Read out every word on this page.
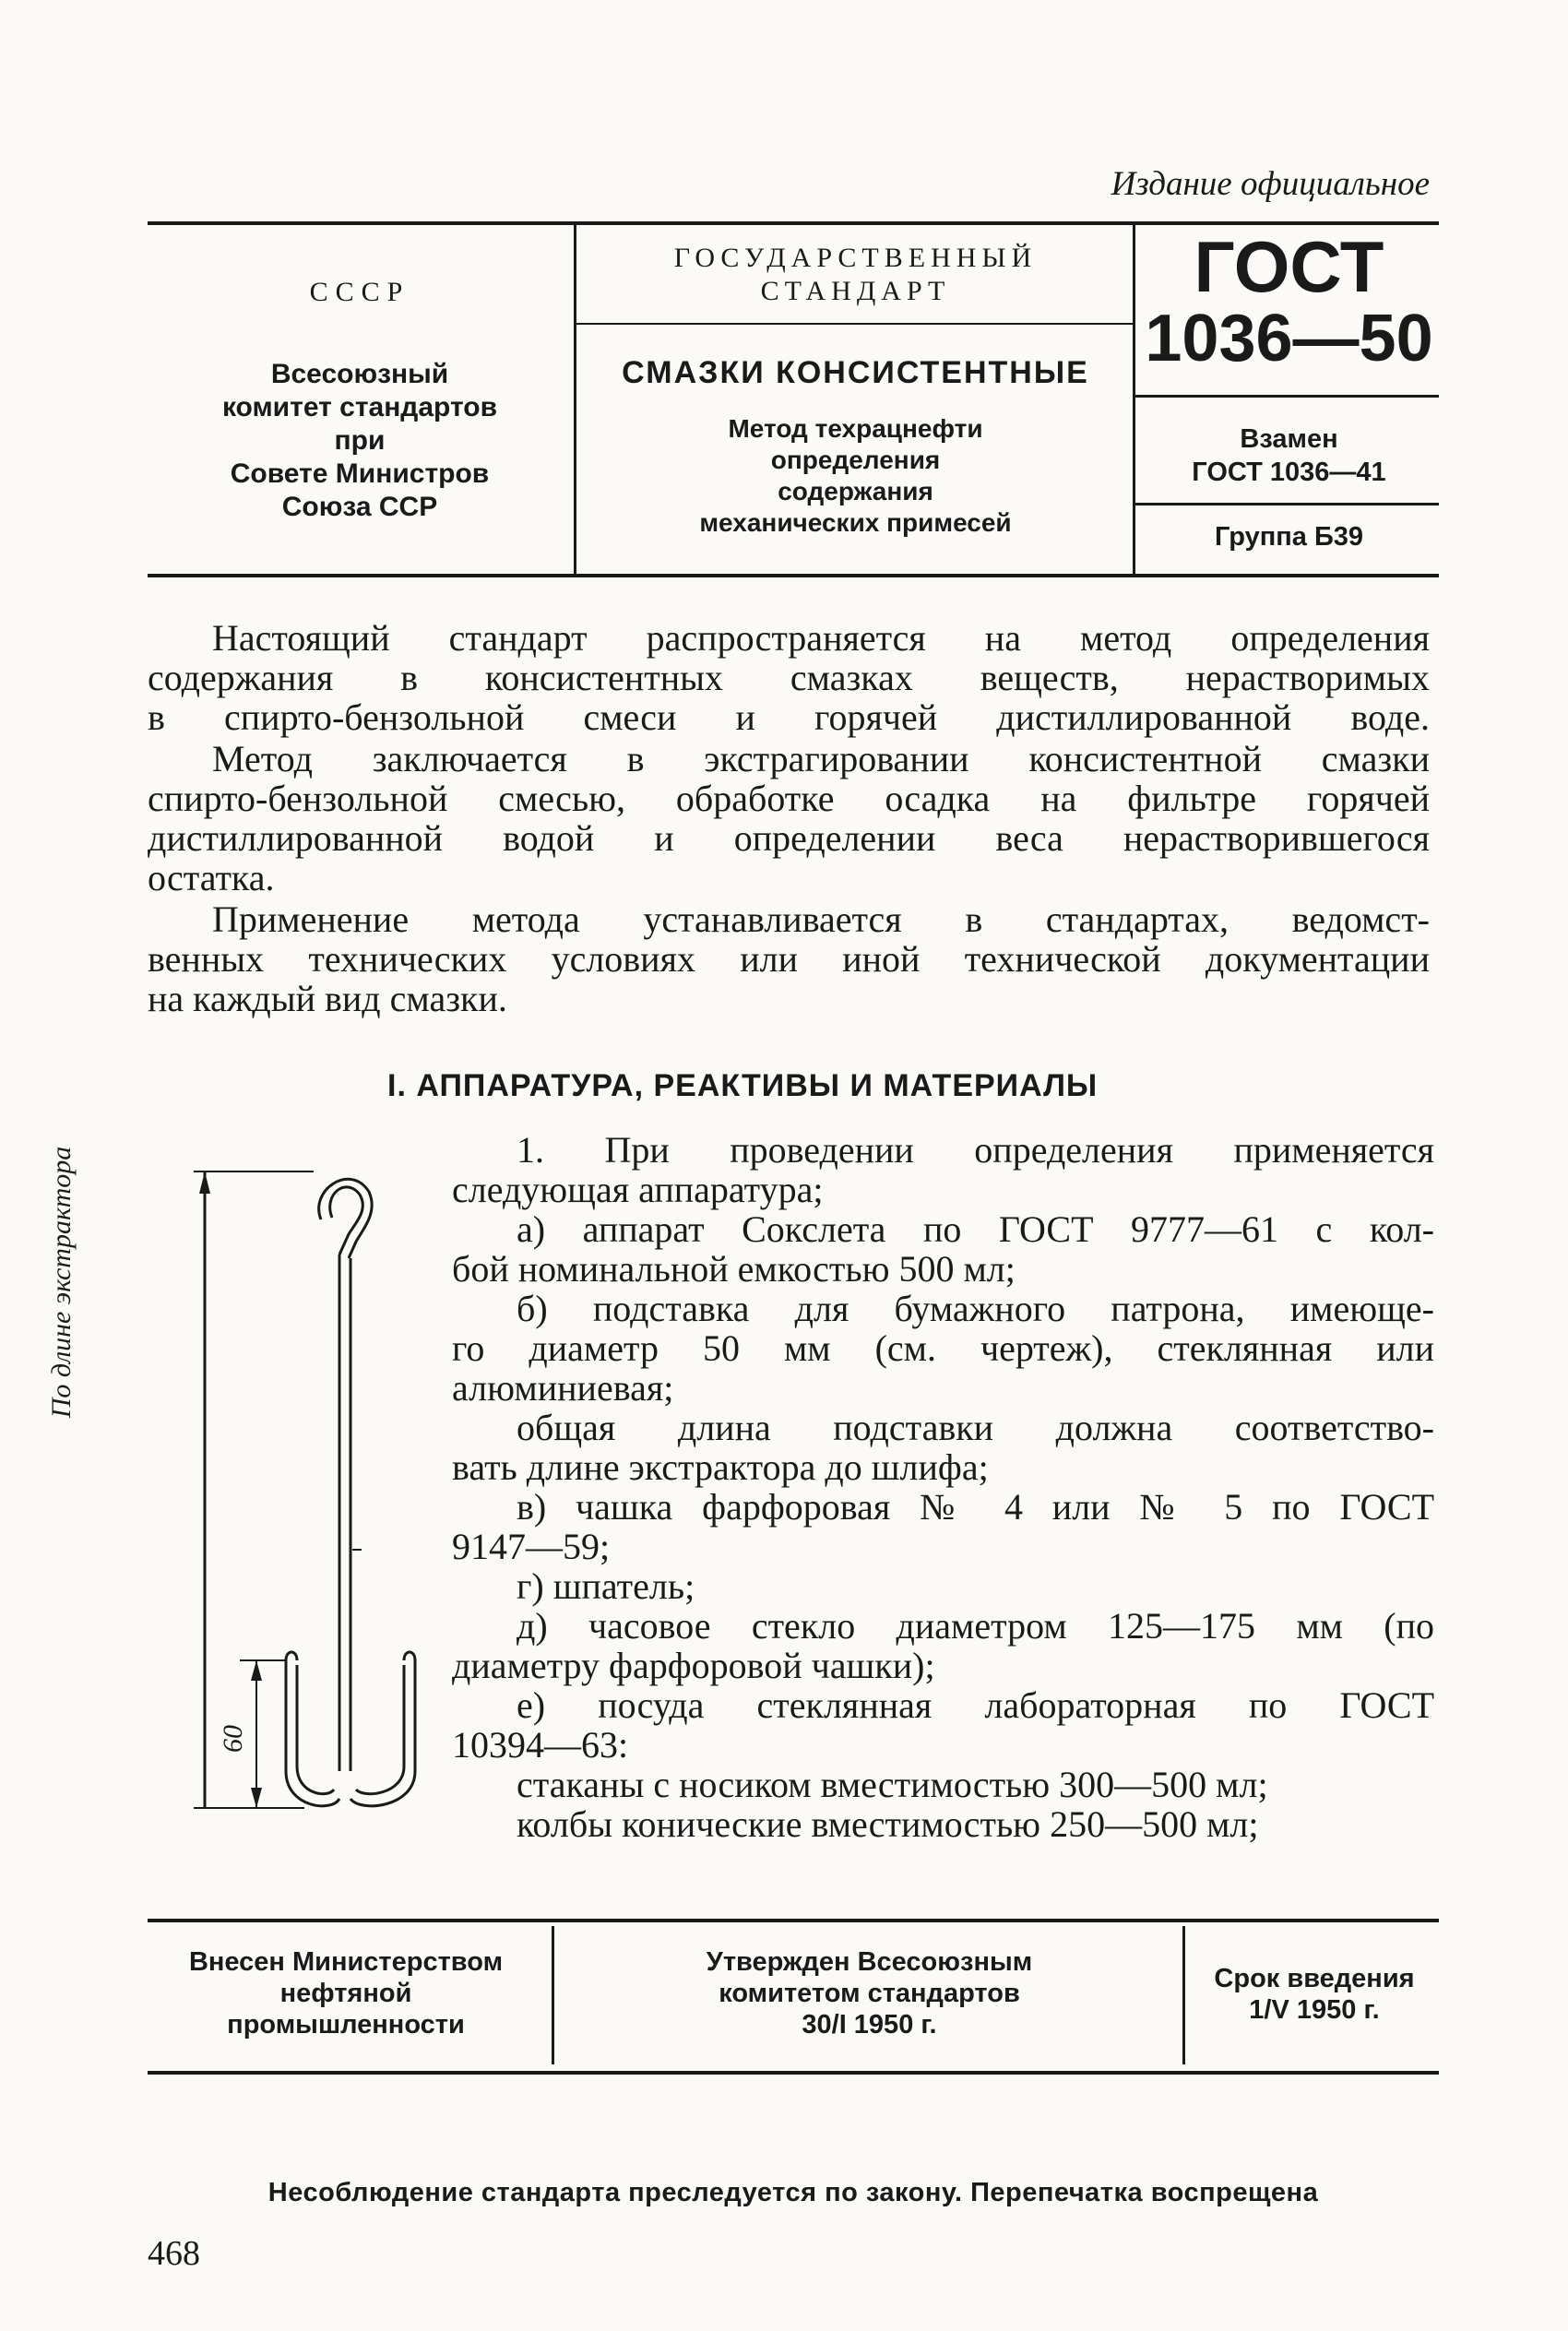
Издание официальное
СССР
Всесоюзный
комитет стандартов
при
Совете Министров
Союза ССР
ГОСУДАРСТВЕННЫЙ
СТАНДАРТ
СМАЗКИ КОНСИСТЕНТНЫЕ
Метод техрацнефти
определения
содержания
механических примесей
ГОСТ
1036—50
Взамен
ГОСТ 1036—41
Группа Б39
Настоящий стандарт распространяется на метод определения
содержания в консистентных смазках веществ, нерастворимых
в спирто-бензольной смеси и горячей дистиллированной воде.
Метод заключается в экстрагировании консистентной смазки
спирто-бензольной смесью, обработке осадка на фильтре горячей
дистиллированной водой и определении веса нерастворившегося
остатка.
Применение метода устанавливается в стандартах, ведомст-
венных технических условиях или иной технической документации
на каждый вид смазки.
I. АППАРАТУРА, РЕАКТИВЫ И МАТЕРИАЛЫ
По длине экстрактора
60
1. При проведении определения применяется
следующая аппаратура;
а) аппарат Сокслета по ГОСТ 9777—61 с кол-
бой номинальной емкостью 500 мл;
б) подставка для бумажного патрона, имеюще-
го диаметр 50 мм (см. чертеж), стеклянная или
алюминиевая;
общая длина подставки должна соответство-
вать длине экстрактора до шлифа;
в) чашка фарфоровая № 4 или № 5 по ГОСТ
9147—59;
г) шпатель;
д) часовое стекло диаметром 125—175 мм (по
диаметру фарфоровой чашки);
е) посуда стеклянная лабораторная по ГОСТ
10394—63:
стаканы с носиком вместимостью 300—500 мл;
колбы конические вместимостью 250—500 мл;
Внесен Министерством
нефтяной
промышленности
Утвержден Всесоюзным
комитетом стандартов
30/I 1950 г.
Срок введения
1/V 1950 г.
Несоблюдение стандарта преследуется по закону. Перепечатка воспрещена
468
